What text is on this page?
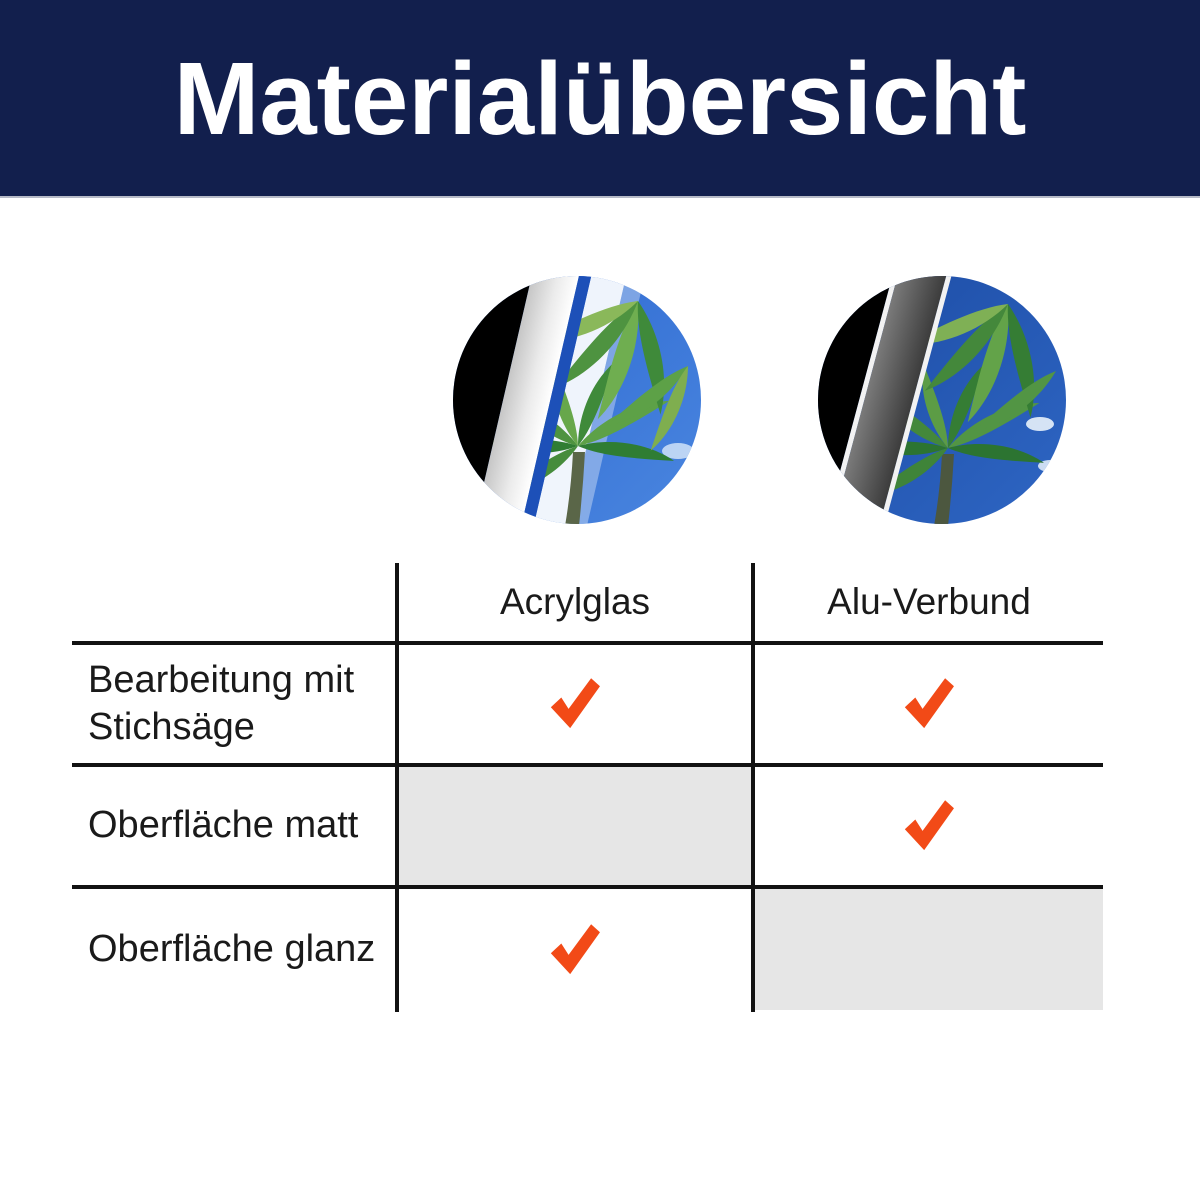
Materialübersicht
Acrylglas	Alu-Verbund
Bearbeitung mit Stichsäge
Oberfläche matt
Oberfläche glanz
